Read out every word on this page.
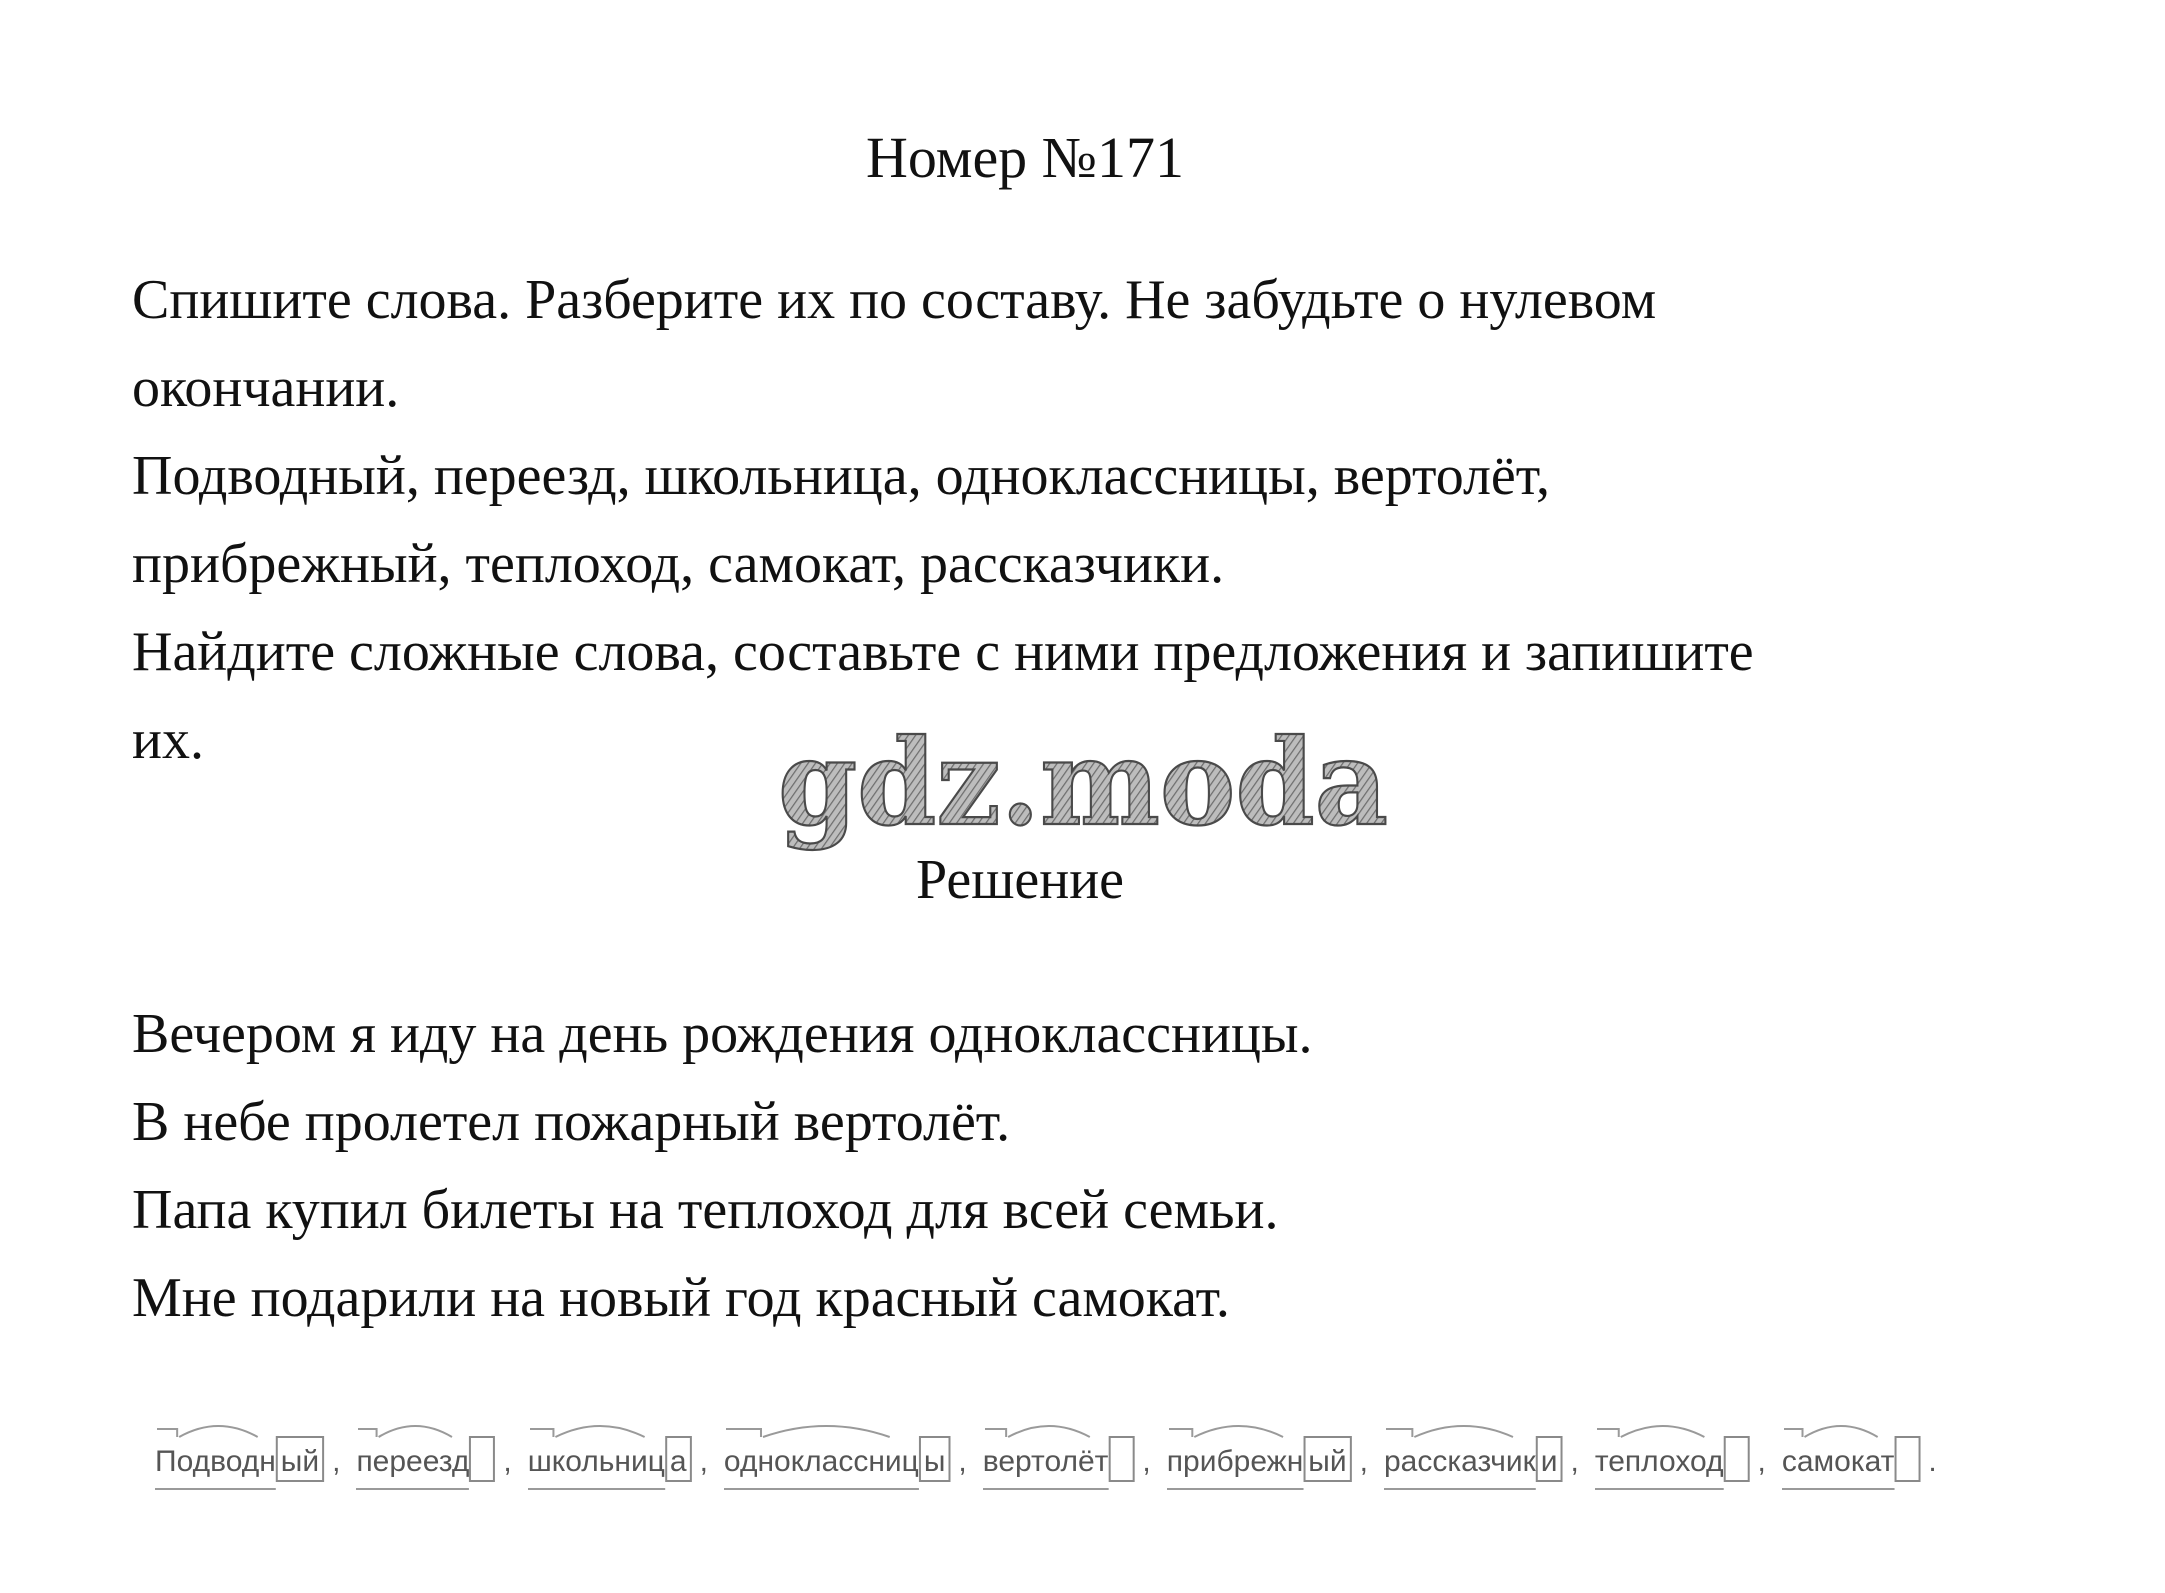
Номер №171
Спишите слова. Разберите их по составу. Не забудьте о нулевом
окончании.
Подводный, переезд, школьница, одноклассницы, вертолёт,
прибрежный, теплоход, самокат, рассказчики.
Найдите сложные слова, составьте с ними предложения и запишите
их.	gdz.moda
Решение
Вечером я иду на день рождения одноклассницы.
В небе пролетел пожарный вертолёт.
Папа купил билеты на теплоход для всей семьи.
Мне подарили на новый год красный самокат.
Подводн ый , переезд , школьниц а , одноклассниц ы , вертолёт , прибрежн ый , рассказчик и , теплоход , самокат .
